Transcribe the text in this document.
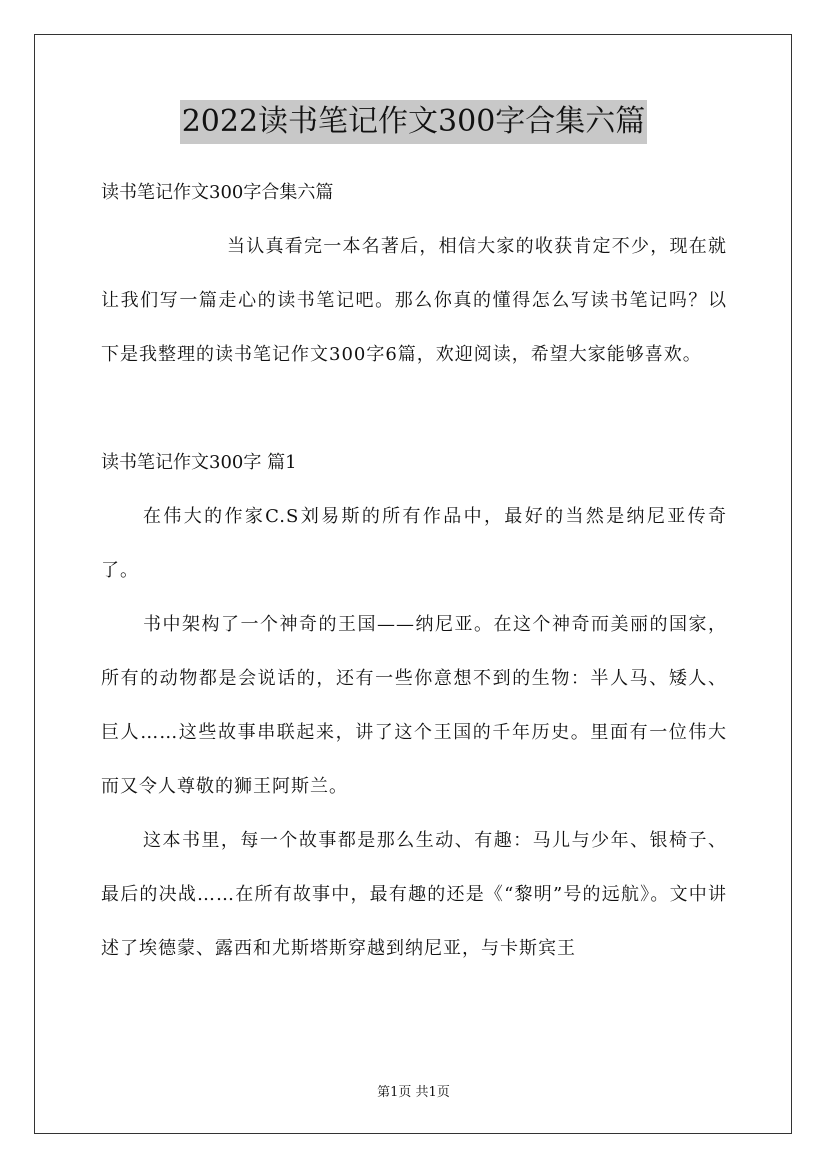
2022读书笔记作文300字合集六篇
读书笔记作文300字合集六篇
当认真看完一本名著后，相信大家的收获肯定不少，现在就让我们写一篇走心的读书笔记吧。那么你真的懂得怎么写读书笔记吗？以下是我整理的读书笔记作文300字6篇，欢迎阅读，希望大家能够喜欢。
读书笔记作文300字 篇1
在伟大的作家C.S刘易斯的所有作品中，最好的当然是纳尼亚传奇了。
书中架构了一个神奇的王国——纳尼亚。在这个神奇而美丽的国家，所有的动物都是会说话的，还有一些你意想不到的生物：半人马、矮人、巨人……这些故事串联起来，讲了这个王国的千年历史。里面有一位伟大而又令人尊敬的狮王阿斯兰。
这本书里，每一个故事都是那么生动、有趣：马儿与少年、银椅子、最后的决战……在所有故事中，最有趣的还是《“黎明”号的远航》。文中讲述了埃德蒙、露西和尤斯塔斯穿越到纳尼亚，与卡斯宾王
第1页 共1页
